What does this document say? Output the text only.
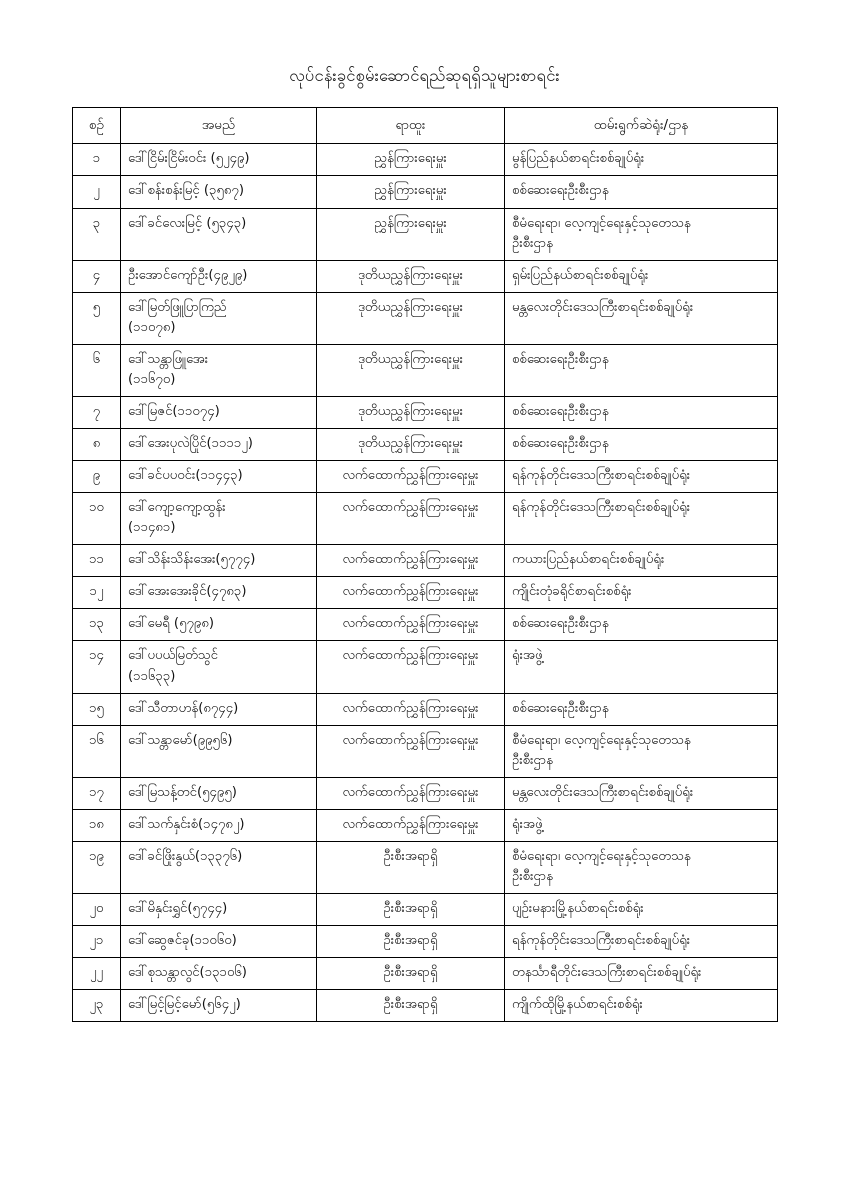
လုပ်ငန်းခွင်စွမ်းဆောင်ရည်ဆုရရှိသူများစာရင်း
စဉ်	အမည်	ရာထူး	ထမ်းရွက်ဆဲရုံး/ဌာန
၁	ဒေါ်ငြိမ်းငြိမ်းဝင်း (၅၂၄၉)	ညွှန်ကြားရေးမှူး	မွန်ပြည်နယ်စာရင်းစစ်ချုပ်ရုံး
၂	ဒေါ်စန်းစန်းမြင့် (၃၅၈၇)	ညွှန်ကြားရေးမှူး	စစ်ဆေးရေးဦးစီးဌာန
၃	ဒေါ်ခင်လေးမြင့် (၅၃၄၃)	ညွှန်ကြားရေးမှူး	စီမံရေးရာ၊ လေ့ကျင့်ရေးနှင့်သုတေသန
ဦးစီးဌာန

၄	ဦးအောင်ကျော်ဦး(၄၉၂၉)	ဒုတိယညွှန်ကြားရေးမှူး	ရှမ်းပြည်နယ်စာရင်းစစ်ချုပ်ရုံး
၅	ဒေါ်မြတ်ဖြူပြာကြည်
(၁၁၀၇၈)	ဒုတိယညွှန်ကြားရေးမှူး	မန္တလေးတိုင်းဒေသကြီးစာရင်းစစ်ချုပ်ရုံး
၆	ဒေါ်သန္တာဖြူအေး
(၁၁၆၇၀)	ဒုတိယညွှန်ကြားရေးမှူး	စစ်ဆေးရေးဦးစီးဌာန
၇	ဒေါ်မြဇင်(၁၁၀၇၄)	ဒုတိယညွှန်ကြားရေးမှူး	စစ်ဆေးရေးဦးစီးဌာန
၈	ဒေါ်အေးပုလဲပြိုင်(၁၁၁၁၂)	ဒုတိယညွှန်ကြားရေးမှူး	စစ်ဆေးရေးဦးစီးဌာန
၉	ဒေါ်ခင်ပပဝင်း(၁၁၄၄၃)	လက်ထောက်ညွှန်ကြားရေးမှူး	ရန်ကုန်တိုင်းဒေသကြီးစာရင်းစစ်ချုပ်ရုံး
၁၀	ဒေါ်ကျော့ကျော့ထွန်း
(၁၁၄၈၁)	လက်ထောက်ညွှန်ကြားရေးမှူး	ရန်ကုန်တိုင်းဒေသကြီးစာရင်းစစ်ချုပ်ရုံး
၁၁	ဒေါ်သိန်းသိန်းအေး(၅၇၇၄)	လက်ထောက်ညွှန်ကြားရေးမှူး	ကယားပြည်နယ်စာရင်းစစ်ချုပ်ရုံး
၁၂	ဒေါ်အေးအေးခိုင်(၄၇၈၃)	လက်ထောက်ညွှန်ကြားရေးမှူး	ကျိုင်းတုံခရိုင်စာရင်းစစ်ရုံး
၁၃	ဒေါ်မေရီ (၅၇၉၈)	လက်ထောက်ညွှန်ကြားရေးမှူး	စစ်ဆေးရေးဦးစီးဌာန
၁၄	ဒေါ်ပပယ်မြတ်သွင်
(၁၁၆၃၃)	လက်ထောက်ညွှန်ကြားရေးမှူး	ရုံးအဖွဲ့
၁၅	ဒေါ်သီတာဟန်(၈၇၄၄)	လက်ထောက်ညွှန်ကြားရေးမှူး	စစ်ဆေးရေးဦးစီးဌာန
၁၆	ဒေါ်သန္တာမော်(၉၉၅၆)	လက်ထောက်ညွှန်ကြားရေးမှူး	စီမံရေးရာ၊ လေ့ကျင့်ရေးနှင့်သုတေသန
ဦးစီးဌာန

၁၇	ဒေါ်မြသန့်တင်(၅၄၉၅)	လက်ထောက်ညွှန်ကြားရေးမှူး	မန္တလေးတိုင်းဒေသကြီးစာရင်းစစ်ချုပ်ရုံး
၁၈	ဒေါ်သက်နှင်းစံ(၁၄၇၈၂)	လက်ထောက်ညွှန်ကြားရေးမှူး	ရုံးအဖွဲ့
၁၉	ဒေါ်ခင်ဖြိုးနွယ်(၁၃၃၇၆)	ဦးစီးအရာရှိ	စီမံရေးရာ၊ လေ့ကျင့်ရေးနှင့်သုတေသန
ဦးစီးဌာန

၂၀	ဒေါ်မိနှင်းရွှင်(၅၇၄၄)	ဦးစီးအရာရှိ	ပျဉ်းမနားမြို့နယ်စာရင်းစစ်ရုံး
၂၁	ဒေါ်ဆွေဇင်ခု(၁၁၀၆၀)	ဦးစီးအရာရှိ	ရန်ကုန်တိုင်းဒေသကြီးစာရင်းစစ်ချုပ်ရုံး
၂၂	ဒေါ်စုသန္တာလွင်(၁၃၁၀၆)	ဦးစီးအရာရှိ	တနင်္သာရီတိုင်းဒေသကြီးစာရင်းစစ်ချုပ်ရုံး
၂၃	ဒေါ်မြင့်မြင့်မော်(၅၆၄၂)	ဦးစီးအရာရှိ	ကျိုက်ထိုမြို့နယ်စာရင်းစစ်ရုံး
